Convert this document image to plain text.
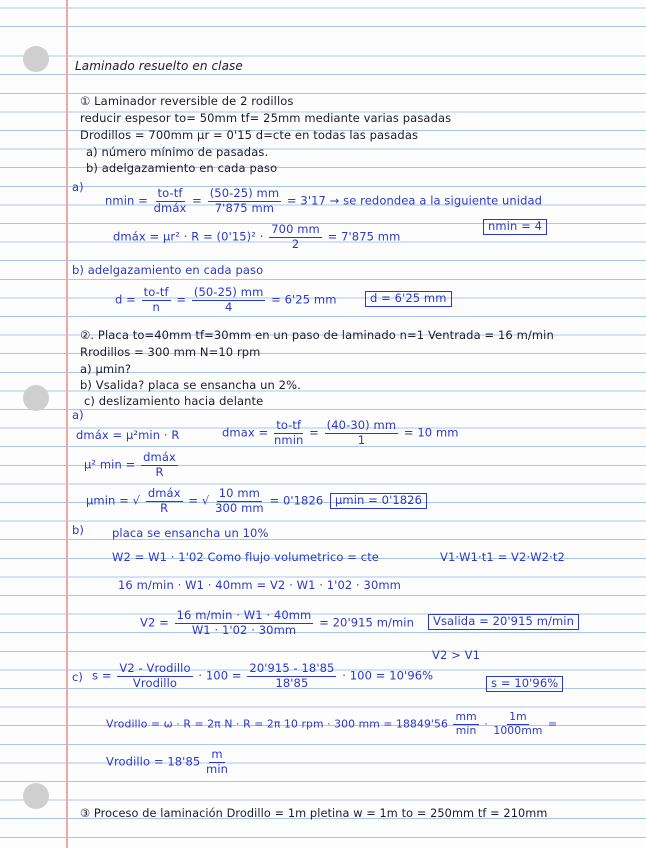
Laminado resuelto en clase
① Laminador reversible de 2 rodillos
reducir espesor to= 50mm tf= 25mm mediante varias pasadas
Drodillos = 700mm μr = 0'15 d=cte en todas las pasadas
a) número mínimo de pasadas.
b) adelgazamiento en cada paso
a)
$nmin = \frac{to-tf}{\text{dmáx}} = \frac{(50-25) mm}{7'875 mm} = 3'17$ → se redondea a la siguiente unidad
nmin = 4
dmáx = $\mu r^2 \cdot R = (0'15)^2 \cdot \frac{700 mm}{2} = 7'875$ mm
b) adelgazamiento en cada paso
$d = \frac{to-tf}{n} = \frac{(50-25) mm}{4} = 6'25$ mm	d = 6'25 mm
②. Placa to=40mm tf=30mm en un paso de laminado n=1 Ventrada = 16 m/min
Rrodillos = 300 mm N=10 rpm
a) μmin?
b) Vsalida? placa se ensancha un 2%.
c) deslizamiento hacia delante
a)
dmáx = μ²min · R	$dmax = \frac{to-tf}{nmin} = \frac{(40-30) mm}{1} = 10$ mm
μ² $\min = \frac{\text{dmáx}}{R}$
μmin = √ $\frac{\text{dmáx}}{R}$ = √ $\frac{10 mm}{300 mm} = 0'1826$	μmin = 0'1826
b) placa se ensancha un 10%
W2 = W1 · 1'02 Como flujo volumetrico = cte	V1·W1·t1 = V2·W2·t2
16 m/min · W1 · 40mm = V2 · W1 · 1'02 · 30mm
$V2 = \frac{16 m/\min \cdot W1 \cdot 40mm}{W1 \cdot 1'02 \cdot 30mm} = 20'915$ m/min	Vsalida = 20'915 m/min
V2 > V1
c) $s = \frac{\text{V2 - Vrodillo}}{\text{Vrodillo}} \cdot 100 = \frac{20'915 - 18'85}{18'85} \cdot 100 = 10'96\%$
s = 10'96%
Vrodillo = ω · R = 2π N · R = 2π 10 rpm · 300 mm = $18849'56 \frac{mm}{\min} \cdot \frac{1m}{1000mm}$ =
Vrodillo = $18'85 \frac{m}{\min}$
③ Proceso de laminación Drodillo = 1m pletina w = 1m to = 250mm tf = 210mm
